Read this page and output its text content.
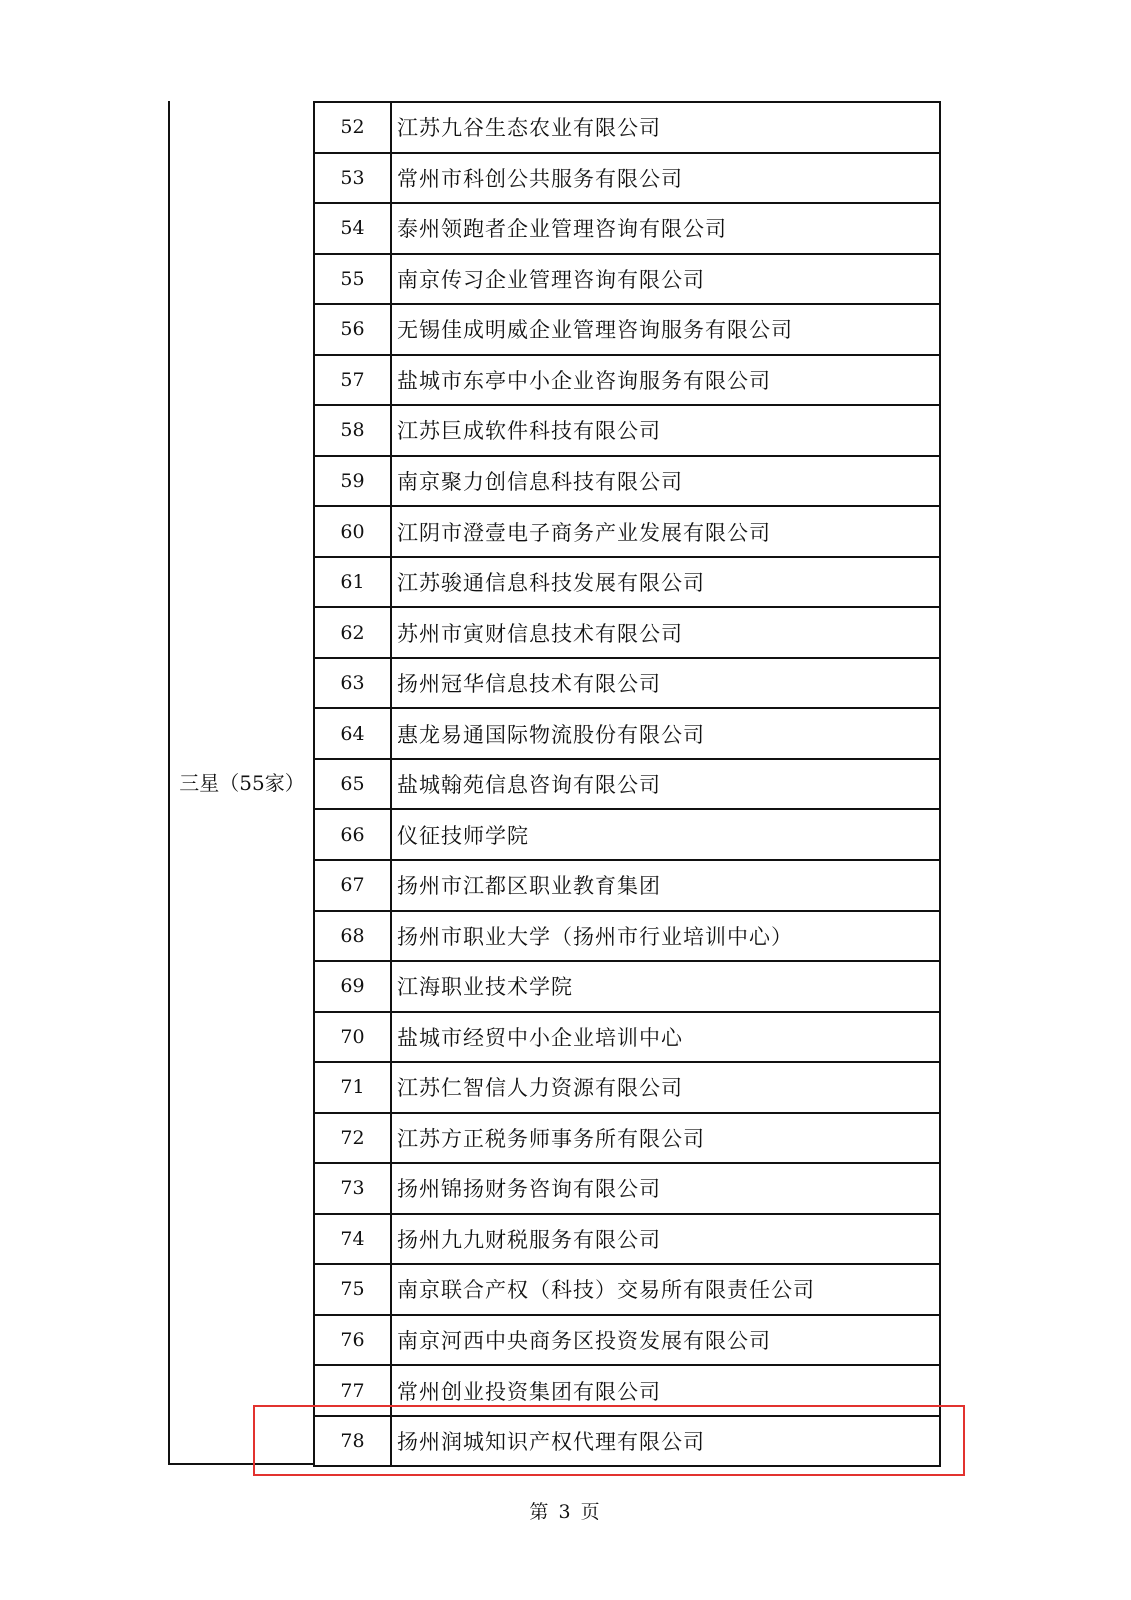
三星（55家）
52	江苏九谷生态农业有限公司
53	常州市科创公共服务有限公司
54	泰州领跑者企业管理咨询有限公司
55	南京传习企业管理咨询有限公司
56	无锡佳成明威企业管理咨询服务有限公司
57	盐城市东亭中小企业咨询服务有限公司
58	江苏巨成软件科技有限公司
59	南京聚力创信息科技有限公司
60	江阴市澄壹电子商务产业发展有限公司
61	江苏骏通信息科技发展有限公司
62	苏州市寅财信息技术有限公司
63	扬州冠华信息技术有限公司
64	惠龙易通国际物流股份有限公司
65	盐城翰苑信息咨询有限公司
66	仪征技师学院
67	扬州市江都区职业教育集团
68	扬州市职业大学（扬州市行业培训中心）
69	江海职业技术学院
70	盐城市经贸中小企业培训中心
71	江苏仁智信人力资源有限公司
72	江苏方正税务师事务所有限公司
73	扬州锦扬财务咨询有限公司
74	扬州九九财税服务有限公司
75	南京联合产权（科技）交易所有限责任公司
76	南京河西中央商务区投资发展有限公司
77	常州创业投资集团有限公司
78	扬州润城知识产权代理有限公司
第 3 页
